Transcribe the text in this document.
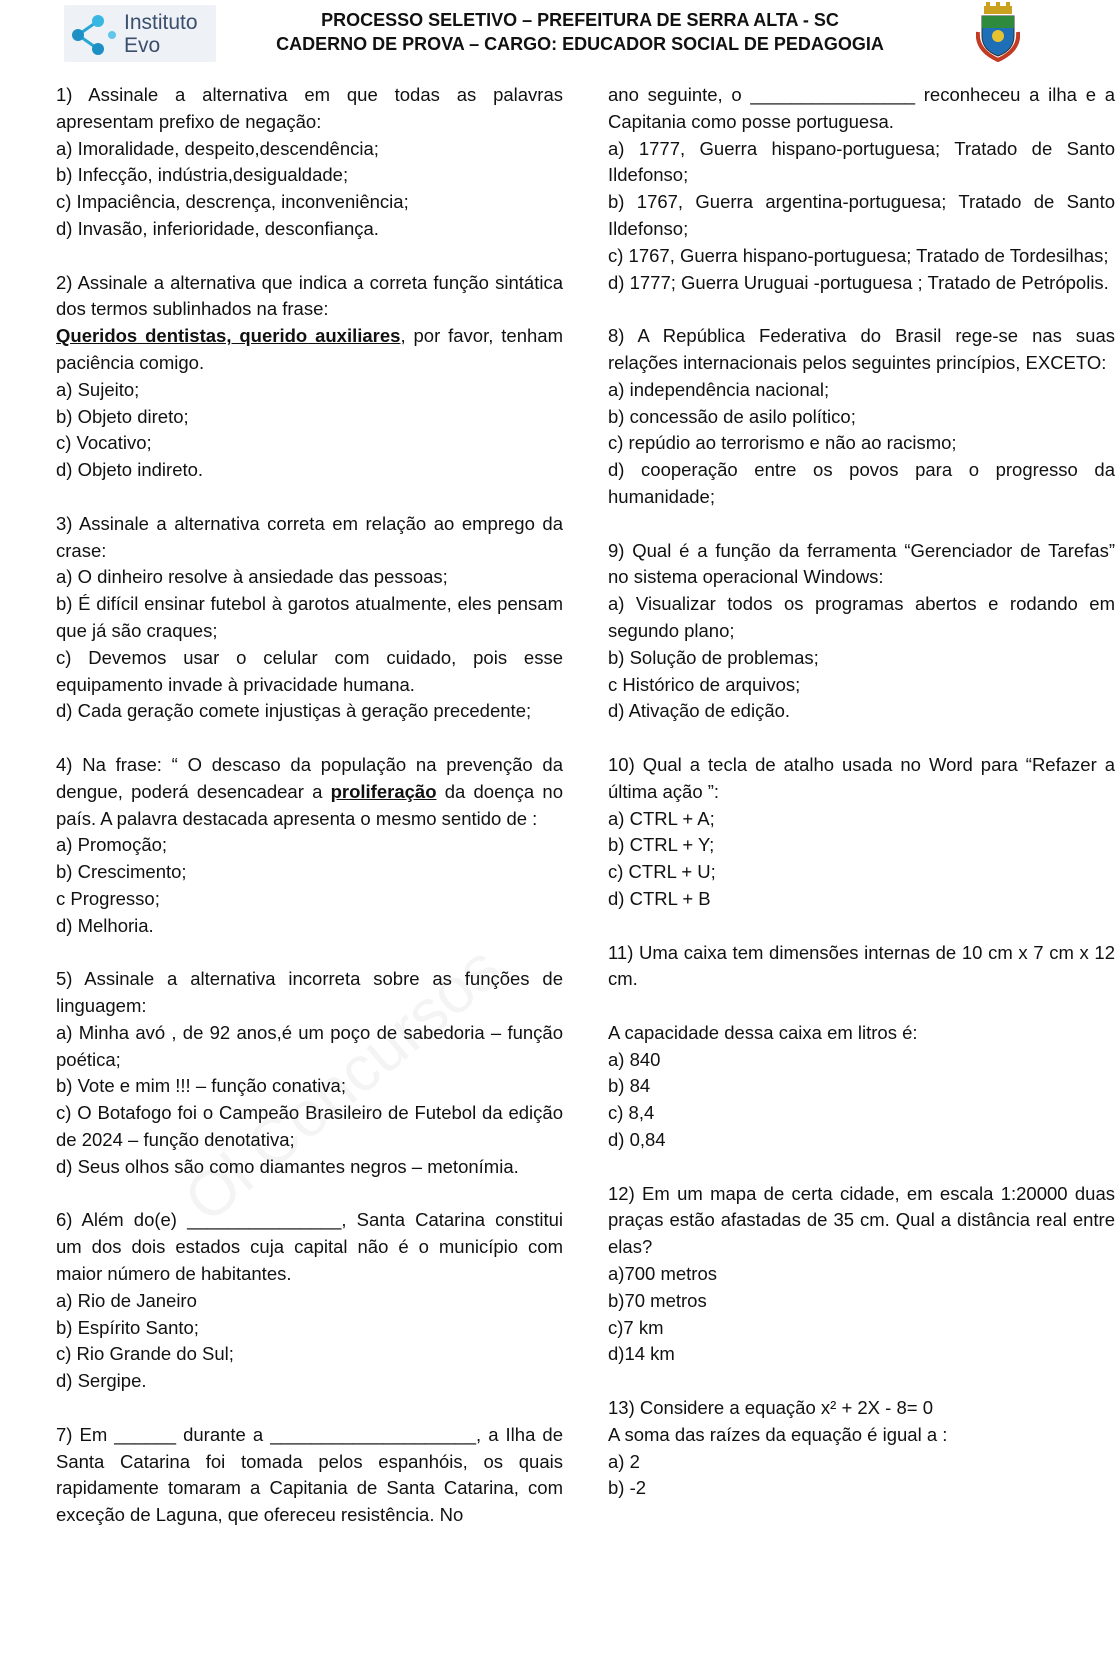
Instituto
Evo
PROCESSO SELETIVO – PREFEITURA DE SERRA ALTA - SC
CADERNO DE PROVA – CARGO: EDUCADOR SOCIAL DE PEDAGOGIA

1) Assinale a alternativa em que todas as palavras apresentam prefixo de negação:

a) Imoralidade, despeito,descendência;

b) Infecção, indústria,desigualdade;

c) Impaciência, descrença, inconveniência;

d) Invasão, inferioridade, desconfiança.

2) Assinale a alternativa que indica a correta função sintática dos termos sublinhados na frase:

Queridos dentistas, querido auxiliares, por favor, tenham paciência comigo.

a) Sujeito;

b) Objeto direto;

c) Vocativo;

d) Objeto indireto.

3) Assinale a alternativa correta em relação ao emprego da crase:

a) O dinheiro resolve à ansiedade das pessoas;

b) É difícil ensinar futebol à garotos atualmente, eles pensam que já são craques;

c) Devemos usar o celular com cuidado, pois esse equipamento invade à privacidade humana.

d) Cada geração comete injustiças à geração precedente;

4) Na frase: “ O descaso da população na prevenção da dengue, poderá desencadear a proliferação da doença no país. A palavra destacada apresenta o mesmo sentido de :

a) Promoção;

b) Crescimento;

c Progresso;

d) Melhoria.

5) Assinale a alternativa incorreta sobre as funções de linguagem:

a) Minha avó , de 92 anos,é um poço de sabedoria – função poética;

b) Vote e mim !!! – função conativa;

c) O Botafogo foi o Campeão Brasileiro de Futebol da edição de 2024 – função denotativa;

d) Seus olhos são como diamantes negros – metonímia.

6) Além do(e) _______________, Santa Catarina constitui um dos dois estados cuja capital não é o município com maior número de habitantes.

a) Rio de Janeiro

b) Espírito Santo;

c) Rio Grande do Sul;

d) Sergipe.

7) Em ______ durante a ____________________, a Ilha de Santa Catarina foi tomada pelos espanhóis, os quais rapidamente tomaram a Capitania de Santa Catarina, com exceção de Laguna, que ofereceu resistência. No

ano seguinte, o ________________ reconheceu a ilha e a Capitania como posse portuguesa.

a) 1777, Guerra hispano-portuguesa; Tratado de Santo Ildefonso;

b) 1767, Guerra argentina-portuguesa; Tratado de Santo Ildefonso;

c) 1767, Guerra hispano-portuguesa; Tratado de Tordesilhas;

d) 1777; Guerra Uruguai -portuguesa ; Tratado de Petrópolis.

8) A República Federativa do Brasil rege-se nas suas relações internacionais pelos seguintes princípios, EXCETO:

a) independência nacional;

b) concessão de asilo político;

c) repúdio ao terrorismo e não ao racismo;

d) cooperação entre os povos para o progresso da humanidade;

9) Qual é a função da ferramenta “Gerenciador de Tarefas” no sistema operacional Windows:

a) Visualizar todos os programas abertos e rodando em segundo plano;

b) Solução de problemas;

c Histórico de arquivos;

d) Ativação de edição.

10) Qual a tecla de atalho usada no Word para “Refazer a última ação ”:

a) CTRL + A;

b) CTRL + Y;

c) CTRL + U;

d) CTRL + B

11) Uma caixa tem dimensões internas de 10 cm x 7 cm x 12 cm.

A capacidade dessa caixa em litros é:

a) 840

b) 84

c) 8,4

d) 0,84

12) Em um mapa de certa cidade, em escala 1:20000 duas praças estão afastadas de 35 cm. Qual a distância real entre elas?

a)700 metros

b)70 metros

c)7 km

d)14 km

13) Considere a equação x² + 2X - 8= 0

A soma das raízes da equação é igual a :

a) 2

b) -2
